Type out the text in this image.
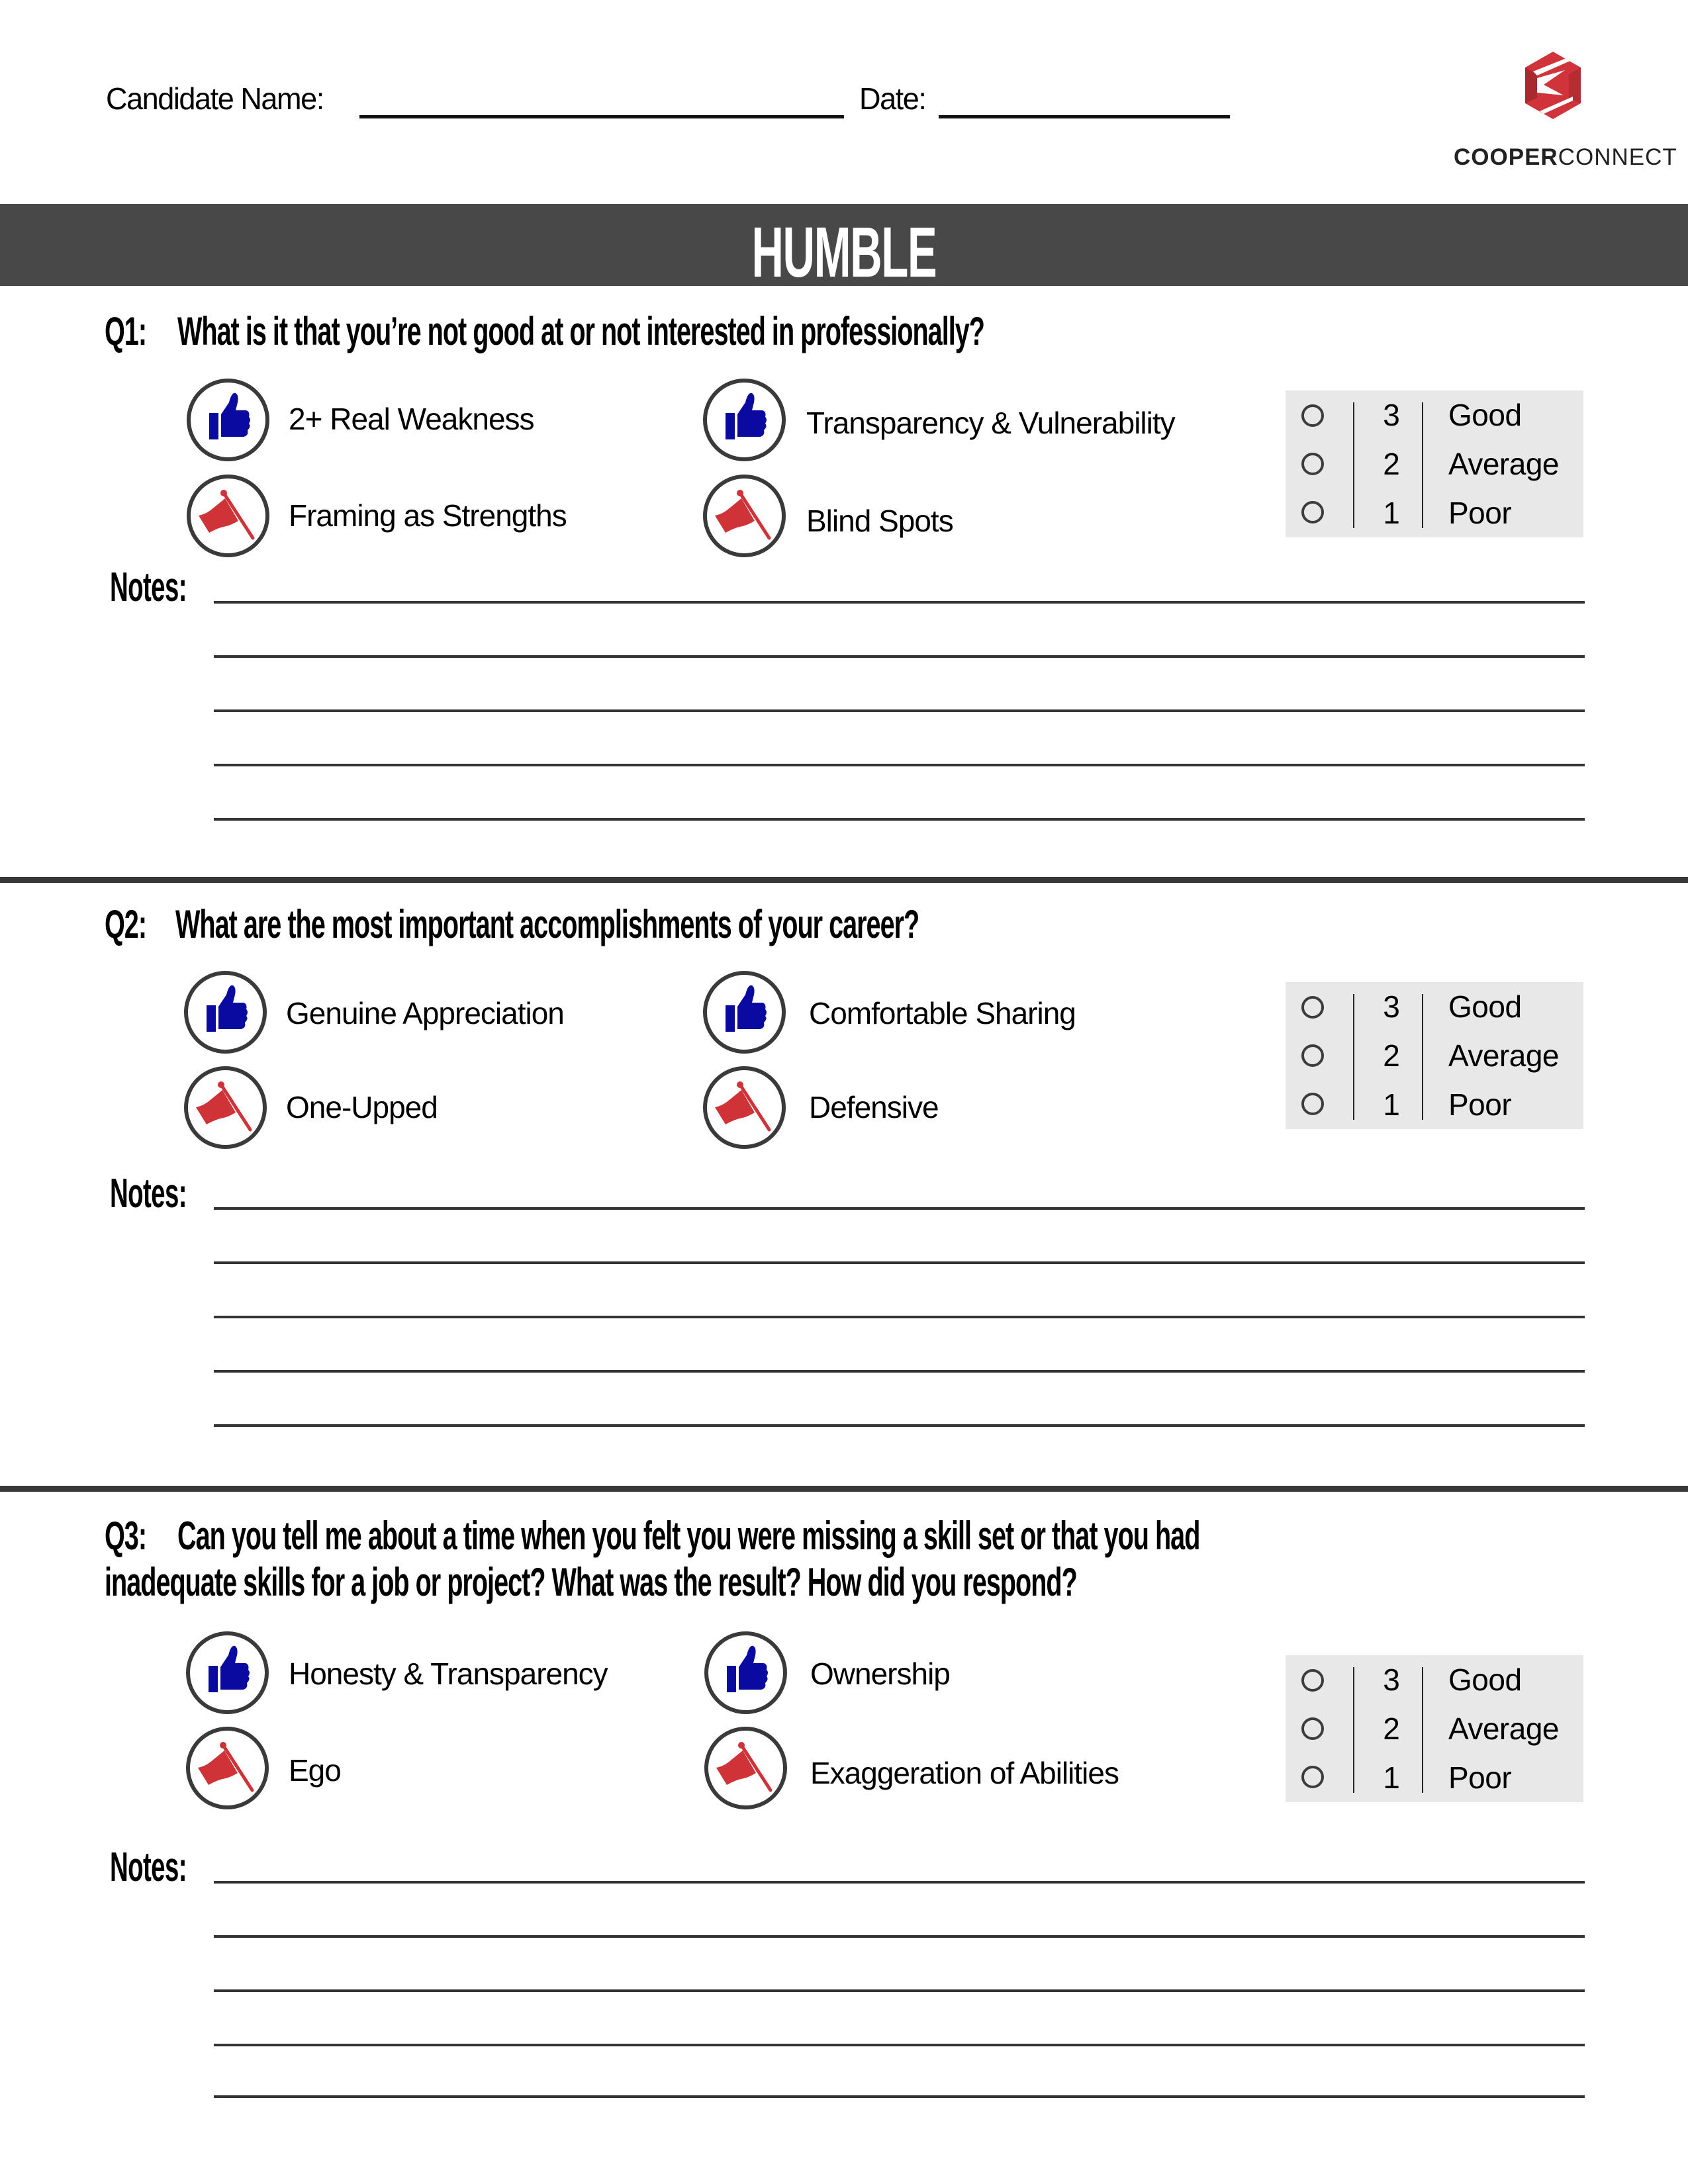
Candidate Name:	Date:
COOPERCONNECT
HUMBLE
Q1: What is it that you’re not good at or not interested in professionally?
2+ Real Weakness
Framing as Strengths
Transparency & Vulnerability
Blind Spots
3	Good
2	Average
1	Poor
Notes:
Q2: What are the most important accomplishments of your career?
Genuine Appreciation
One-Upped
Comfortable Sharing
Defensive
3	Good
2	Average
1	Poor
Notes:
Q3: Can you tell me about a time when you felt you were missing a skill set or that you had
inadequate skills for a job or project? What was the result? How did you respond?
Honesty & Transparency
Ego
Ownership
Exaggeration of Abilities
3	Good
2	Average
1	Poor
Notes:
